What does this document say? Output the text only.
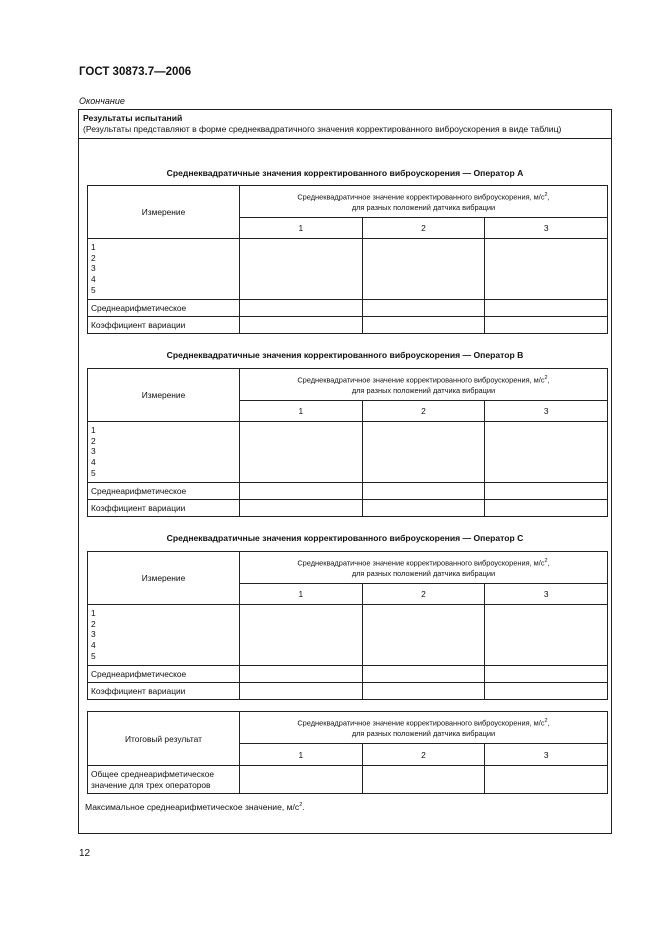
ГОСТ 30873.7—2006
Окончание
Результаты испытаний
(Результаты представляют в форме среднеквадратичного значения корректированного виброускорения в виде таблиц)
Среднеквадратичные значения корректированного виброускорения — Оператор А
Измерение	Среднеквадратичное значение корректированного виброускорения, $м/с^2$,
для разных положений датчика вибрации		
	1	2	3
1
2
3
4
5			
Среднеарифметическое			
Коэффициент вариации			
Среднеквадратичные значения корректированного виброускорения — Оператор В
Измерение	Среднеквадратичное значение корректированного виброускорения, $м/с^2$,
для разных положений датчика вибрации		
	1	2	3
1
2
3
4
5			
Среднеарифметическое			
Коэффициент вариации			
Среднеквадратичные значения корректированного виброускорения — Оператор С
Измерение	Среднеквадратичное значение корректированного виброускорения, $м/с^2$,
для разных положений датчика вибрации		
	1	2	3
1
2
3
4
5			
Среднеарифметическое			
Коэффициент вариации			
Итоговый результат	Среднеквадратичное значение корректированного виброускорения, $м/с^2$,
для разных положений датчика вибрации		
	1	2	3
Общее среднеарифметическое
значение для трех операторов			
Максимальное среднеарифметическое значение, $м/с^2$.
12
